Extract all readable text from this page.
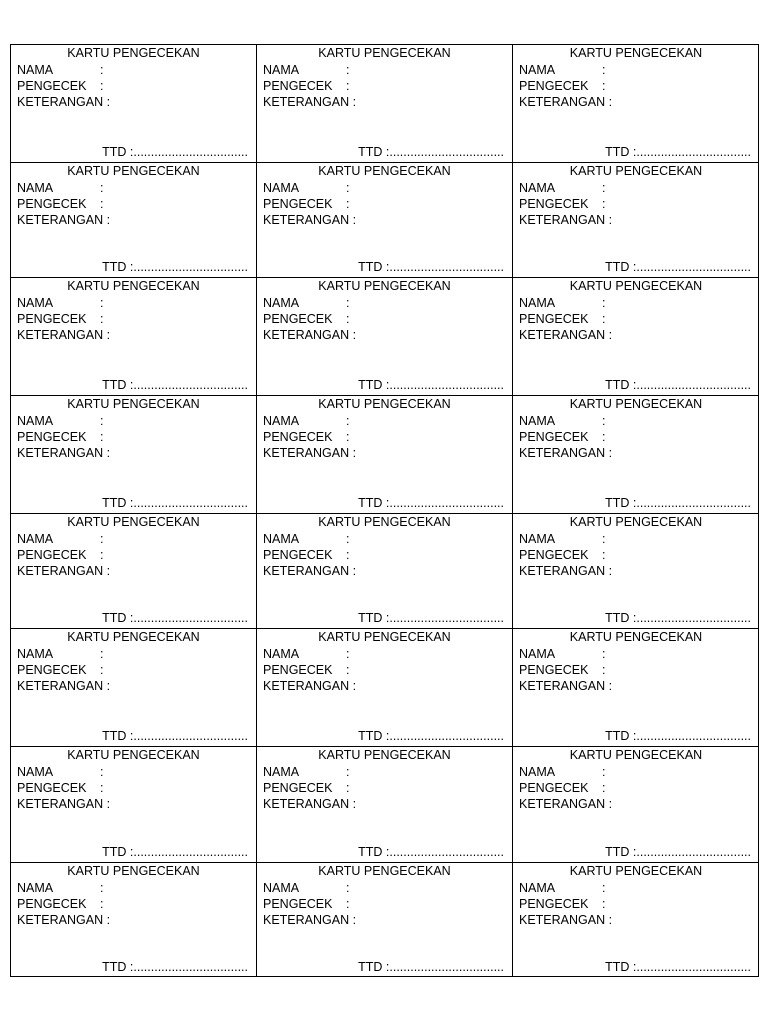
KARTU PENGECEKAN
NAMA	:
PENGECEK :
KETERANGAN :
TTD :.................................
KARTU PENGECEKAN
NAMA	:
PENGECEK :
KETERANGAN :
TTD :.................................
KARTU PENGECEKAN
NAMA	:
PENGECEK :
KETERANGAN :
TTD :.................................
KARTU PENGECEKAN
NAMA	:
PENGECEK :
KETERANGAN :
TTD :.................................
KARTU PENGECEKAN
NAMA	:
PENGECEK :
KETERANGAN :
TTD :.................................
KARTU PENGECEKAN
NAMA	:
PENGECEK :
KETERANGAN :
TTD :.................................
KARTU PENGECEKAN
NAMA	:
PENGECEK :
KETERANGAN :
TTD :.................................
KARTU PENGECEKAN
NAMA	:
PENGECEK :
KETERANGAN :
TTD :.................................
KARTU PENGECEKAN
NAMA	:
PENGECEK :
KETERANGAN :
TTD :.................................
KARTU PENGECEKAN
NAMA	:
PENGECEK :
KETERANGAN :
TTD :.................................
KARTU PENGECEKAN
NAMA	:
PENGECEK :
KETERANGAN :
TTD :.................................
KARTU PENGECEKAN
NAMA	:
PENGECEK :
KETERANGAN :
TTD :.................................
KARTU PENGECEKAN
NAMA	:
PENGECEK :
KETERANGAN :
TTD :.................................
KARTU PENGECEKAN
NAMA	:
PENGECEK :
KETERANGAN :
TTD :.................................
KARTU PENGECEKAN
NAMA	:
PENGECEK :
KETERANGAN :
TTD :.................................
KARTU PENGECEKAN
NAMA	:
PENGECEK :
KETERANGAN :
TTD :.................................
KARTU PENGECEKAN
NAMA	:
PENGECEK :
KETERANGAN :
TTD :.................................
KARTU PENGECEKAN
NAMA	:
PENGECEK :
KETERANGAN :
TTD :.................................
KARTU PENGECEKAN
NAMA	:
PENGECEK :
KETERANGAN :
TTD :.................................
KARTU PENGECEKAN
NAMA	:
PENGECEK :
KETERANGAN :
TTD :.................................
KARTU PENGECEKAN
NAMA	:
PENGECEK :
KETERANGAN :
TTD :.................................
KARTU PENGECEKAN
NAMA	:
PENGECEK :
KETERANGAN :
TTD :.................................
KARTU PENGECEKAN
NAMA	:
PENGECEK :
KETERANGAN :
TTD :.................................
KARTU PENGECEKAN
NAMA	:
PENGECEK :
KETERANGAN :
TTD :.................................
